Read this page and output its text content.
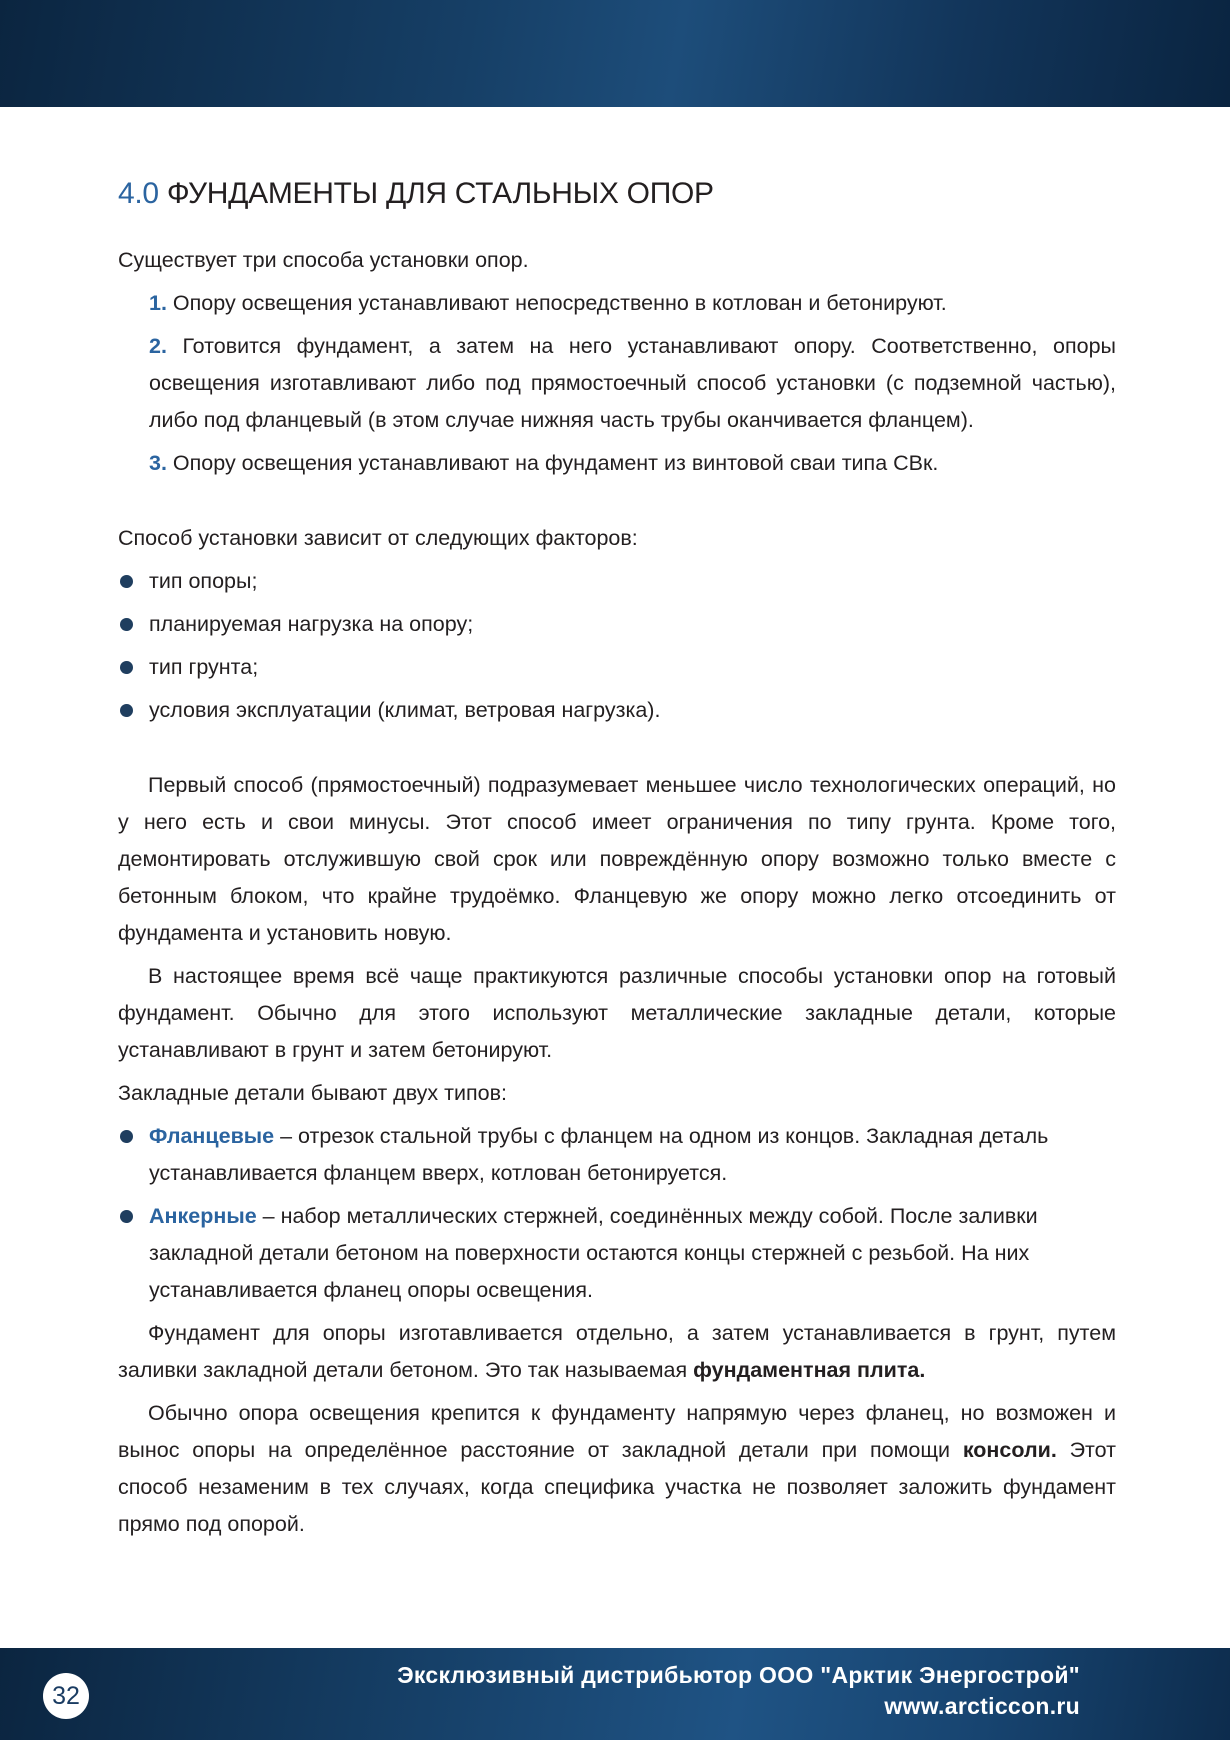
4.0 ФУНДАМЕНТЫ ДЛЯ СТАЛЬНЫХ ОПОР

Существует три способа установки опор.

1. Опору освещения устанавливают непосредственно в котлован и бетонируют.

2. Готовится фундамент, а затем на него устанавливают опору. Соответственно, опоры освещения изготавливают либо под прямостоечный способ установки (с подземной частью), либо под фланцевый (в этом случае нижняя часть трубы оканчивается фланцем).

3. Опору освещения устанавливают на фундамент из винтовой сваи типа СВк.

Способ установки зависит от следующих факторов:

тип опоры;

планируемая нагрузка на опору;

тип грунта;

условия эксплуатации (климат, ветровая нагрузка).

Первый способ (прямостоечный) подразумевает меньшее число технологических операций, но у него есть и свои минусы. Этот способ имеет ограничения по типу грунта. Кроме того, демонтировать отслужившую свой срок или повреждённую опору возможно только вместе с бетонным блоком, что крайне трудоёмко. Фланцевую же опору можно легко отсоединить от фундамента и установить новую.

В настоящее время всё чаще практикуются различные способы установки опор на готовый фундамент. Обычно для этого используют металлические закладные детали, которые устанавливают в грунт и затем бетонируют.

Закладные детали бывают двух типов:

Фланцевые – отрезок стальной трубы с фланцем на одном из концов. Закладная деталь устанавливается фланцем вверх, котлован бетонируется.

Анкерные – набор металлических стержней, соединённых между собой. После заливки закладной детали бетоном на поверхности остаются концы стержней с резьбой. На них устанавливается фланец опоры освещения.

Фундамент для опоры изготавливается отдельно, а затем устанавливается в грунт, путем заливки закладной детали бетоном. Это так называемая фундаментная плита.

Обычно опора освещения крепится к фундаменту напрямую через фланец, но возможен и вынос опоры на определённое расстояние от закладной детали при помощи консоли. Этот способ незаменим в тех случаях, когда специфика участка не позволяет заложить фундамент прямо под опорой.

32
Эксклюзивный дистрибьютор ООО "Арктик Энергострой"
www.arcticcon.ru
